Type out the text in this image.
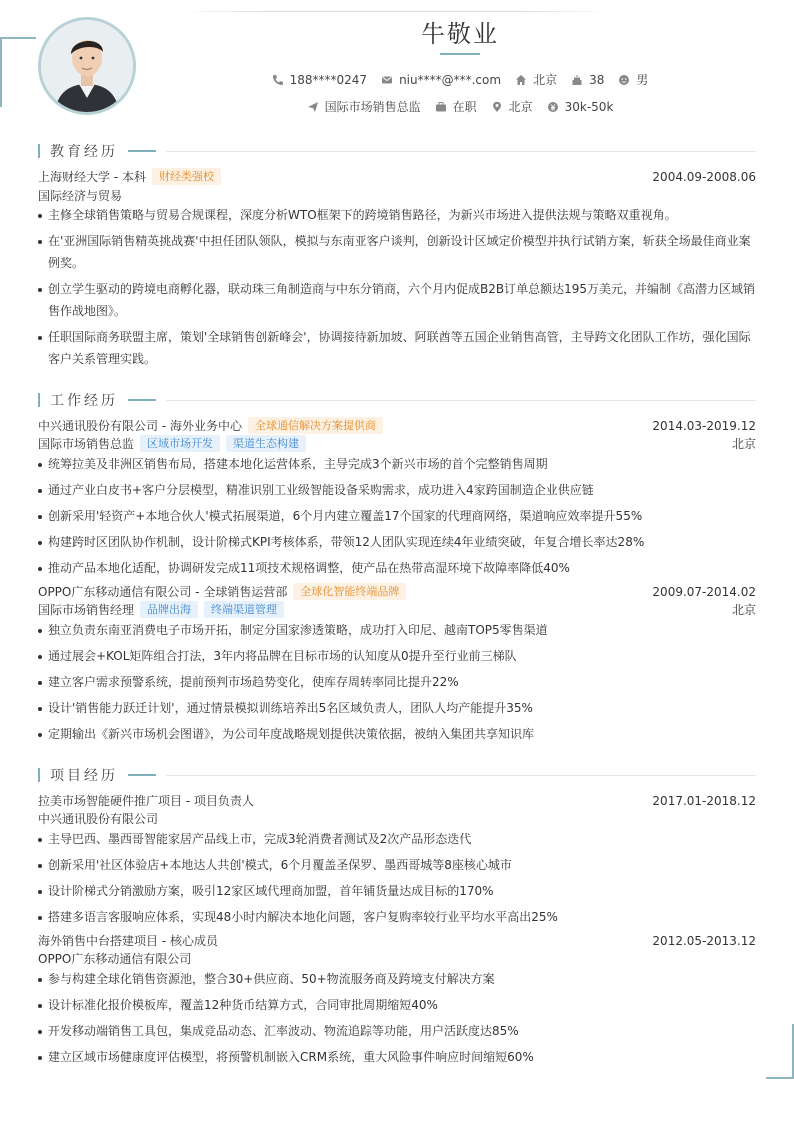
牛敬业
188****0247	niu****@***.com	北京	38	男
国际市场销售总监	在职	北京	30k-50k
教育经历
上海财经大学 - 本科	财经类强校	2004.09-2008.06
国际经济与贸易
主修全球销售策略与贸易合规课程，深度分析WTO框架下的跨境销售路径，为新兴市场进入提供法规与策略双重视角。
在'亚洲国际销售精英挑战赛'中担任团队领队，模拟与东南亚客户谈判，创新设计区域定价模型并执行试销方案，斩获全场最佳商业案例奖。
创立学生驱动的跨境电商孵化器，联动珠三角制造商与中东分销商，六个月内促成B2B订单总额达195万美元，并编制《高潜力区域销售作战地图》。
任职国际商务联盟主席，策划'全球销售创新峰会'，协调接待新加坡、阿联酋等五国企业销售高管，主导跨文化团队工作坊，强化国际客户关系管理实践。
工作经历
中兴通讯股份有限公司 - 海外业务中心	全球通信解决方案提供商	2014.03-2019.12
国际市场销售总监	区域市场开发	渠道生态构建	北京
统筹拉美及非洲区销售布局，搭建本地化运营体系，主导完成3个新兴市场的首个完整销售周期
通过产业白皮书+客户分层模型，精准识别工业级智能设备采购需求，成功进入4家跨国制造企业供应链
创新采用'轻资产+本地合伙人'模式拓展渠道，6个月内建立覆盖17个国家的代理商网络，渠道响应效率提升55%
构建跨时区团队协作机制，设计阶梯式KPI考核体系，带领12人团队实现连续4年业绩突破，年复合增长率达28%
推动产品本地化适配，协调研发完成11项技术规格调整，使产品在热带高湿环境下故障率降低40%
OPPO广东移动通信有限公司 - 全球销售运营部	全球化智能终端品牌	2009.07-2014.02
国际市场销售经理	品牌出海	终端渠道管理	北京
独立负责东南亚消费电子市场开拓，制定分国家渗透策略，成功打入印尼、越南TOP5零售渠道
通过展会+KOL矩阵组合打法，3年内将品牌在目标市场的认知度从0提升至行业前三梯队
建立客户需求预警系统，提前预判市场趋势变化，使库存周转率同比提升22%
设计'销售能力跃迁计划'，通过情景模拟训练培养出5名区域负责人，团队人均产能提升35%
定期输出《新兴市场机会图谱》，为公司年度战略规划提供决策依据，被纳入集团共享知识库
项目经历
拉美市场智能硬件推广项目 - 项目负责人	2017.01-2018.12
中兴通讯股份有限公司
主导巴西、墨西哥智能家居产品线上市，完成3轮消费者测试及2次产品形态迭代
创新采用'社区体验店+本地达人共创'模式，6个月覆盖圣保罗、墨西哥城等8座核心城市
设计阶梯式分销激励方案，吸引12家区域代理商加盟，首年铺货量达成目标的170%
搭建多语言客服响应体系，实现48小时内解决本地化问题，客户复购率较行业平均水平高出25%
海外销售中台搭建项目 - 核心成员	2012.05-2013.12
OPPO广东移动通信有限公司
参与构建全球化销售资源池，整合30+供应商、50+物流服务商及跨境支付解决方案
设计标准化报价模板库，覆盖12种货币结算方式，合同审批周期缩短40%
开发移动端销售工具包，集成竞品动态、汇率波动、物流追踪等功能，用户活跃度达85%
建立区域市场健康度评估模型，将预警机制嵌入CRM系统，重大风险事件响应时间缩短60%
